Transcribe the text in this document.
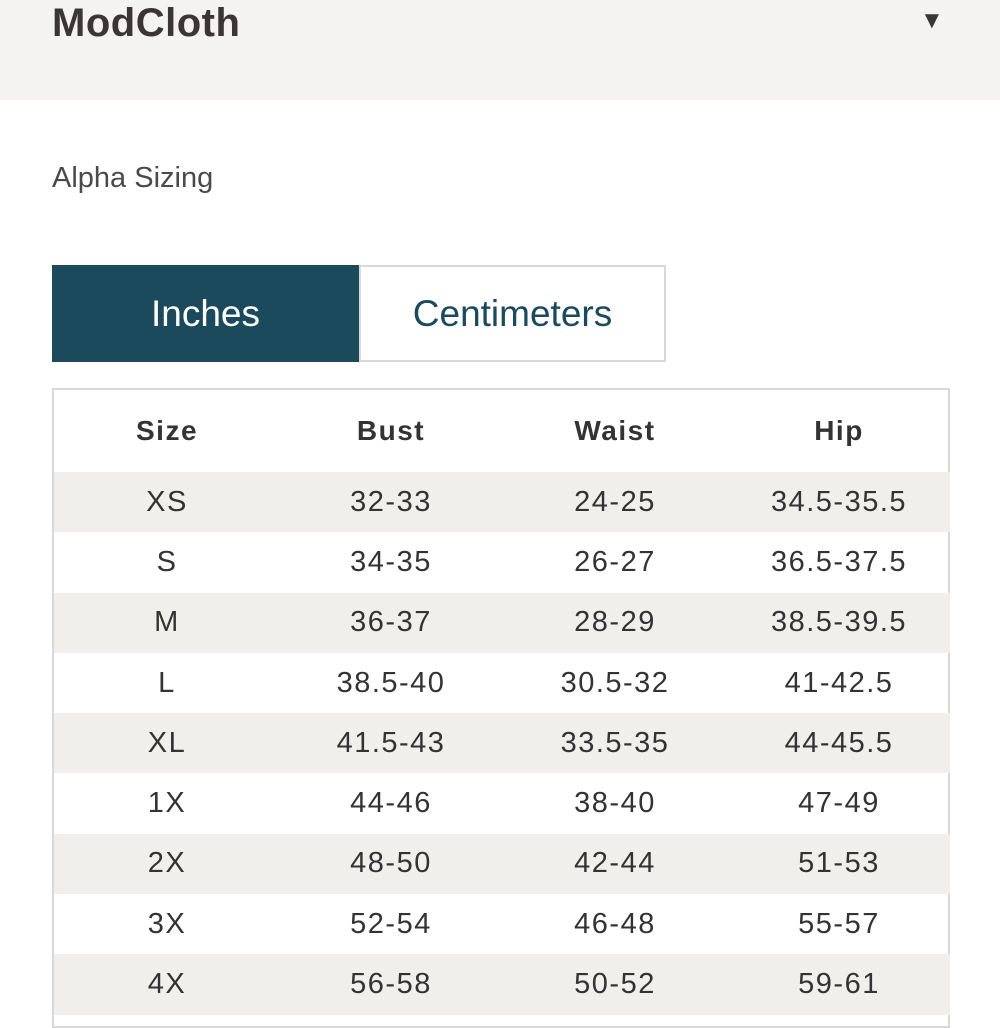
ModCloth	▼
Alpha Sizing
Inches	Centimeters
Size	Bust	Waist	Hip
XS	32-33	24-25	34.5-35.5
S	34-35	26-27	36.5-37.5
M	36-37	28-29	38.5-39.5
L	38.5-40	30.5-32	41-42.5
XL	41.5-43	33.5-35	44-45.5
1X	44-46	38-40	47-49
2X	48-50	42-44	51-53
3X	52-54	46-48	55-57
4X	56-58	50-52	59-61
